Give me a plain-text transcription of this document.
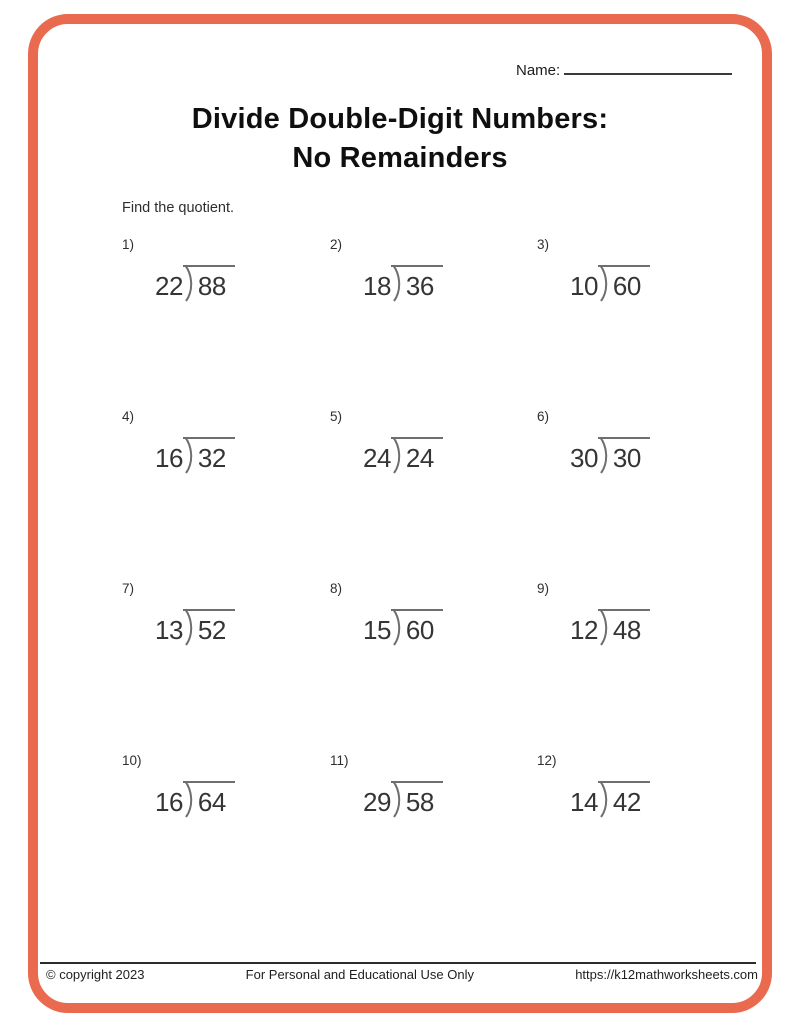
Name:
Divide Double-Digit Numbers:
No Remainders
Find the quotient.
1)
22 88
2)
18 36
3)
10 60
4)
16 32
5)
24 24
6)
30 30
7)
13 52
8)
15 60
9)
12 48
10)
16 64
11)
29 58
12)
14 42
© copyright 2023	For Personal and Educational Use Only	https://k12mathworksheets.com
